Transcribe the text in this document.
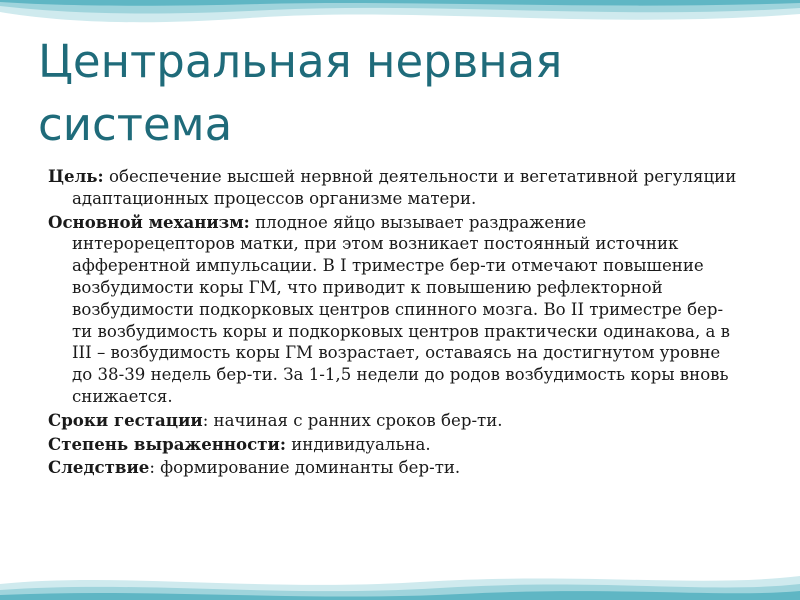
Центральная нервная
система

Цель: обеспечение высшей нервной деятельности и вегетативной регуляции адаптационных процессов организме матери.

Основной механизм: плодное яйцо вызывает раздражение интерорецепторов матки, при этом возникает постоянный источник афферентной импульсации. В I триместре бер-ти отмечают повышение возбудимости коры ГМ, что приводит к повышению рефлекторной возбудимости подкорковых центров спинного мозга. Во II триместре бер-ти возбудимость коры и подкорковых центров практически одинакова, а в III – возбудимость коры ГМ возрастает, оставаясь на достигнутом уровне до 38-39 недель бер-ти. За 1-1,5 недели до родов возбудимость коры вновь снижается.

Сроки гестации: начиная с ранних сроков бер-ти.

Степень выраженности: индивидуальна.

Следствие: формирование доминанты бер-ти.
